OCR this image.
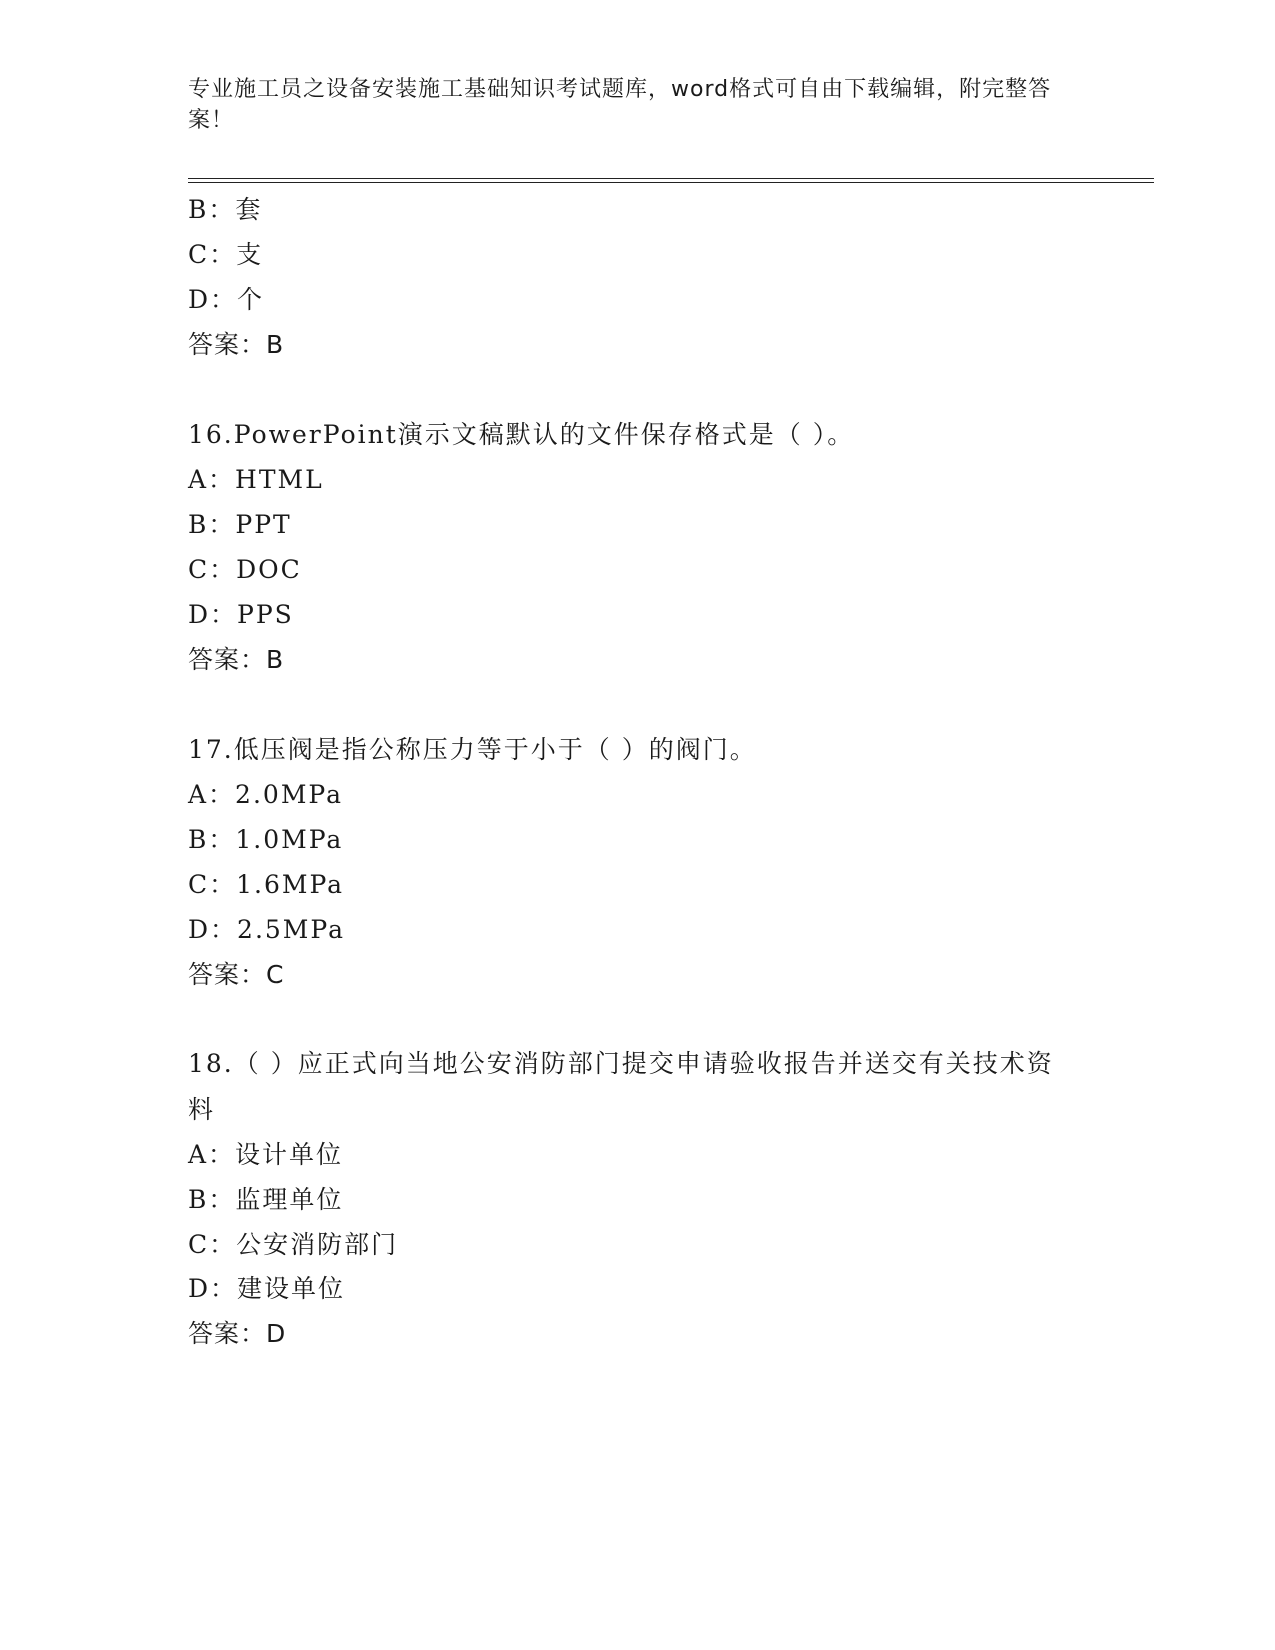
专业施工员之设备安装施工基础知识考试题库，word格式可自由下载编辑，附完整答案！
B：套
C：支
D：个
答案：B
16.PowerPoint演示文稿默认的文件保存格式是（ ）。
A：HTML
B：PPT
C：DOC
D：PPS
答案：B
17.低压阀是指公称压力等于小于（ ）的阀门。
A：2.0MPa
B：1.0MPa
C：1.6MPa
D：2.5MPa
答案：C
18.（ ）应正式向当地公安消防部门提交申请验收报告并送交有关技术资料
A：设计单位
B：监理单位
C：公安消防部门
D：建设单位
答案：D
